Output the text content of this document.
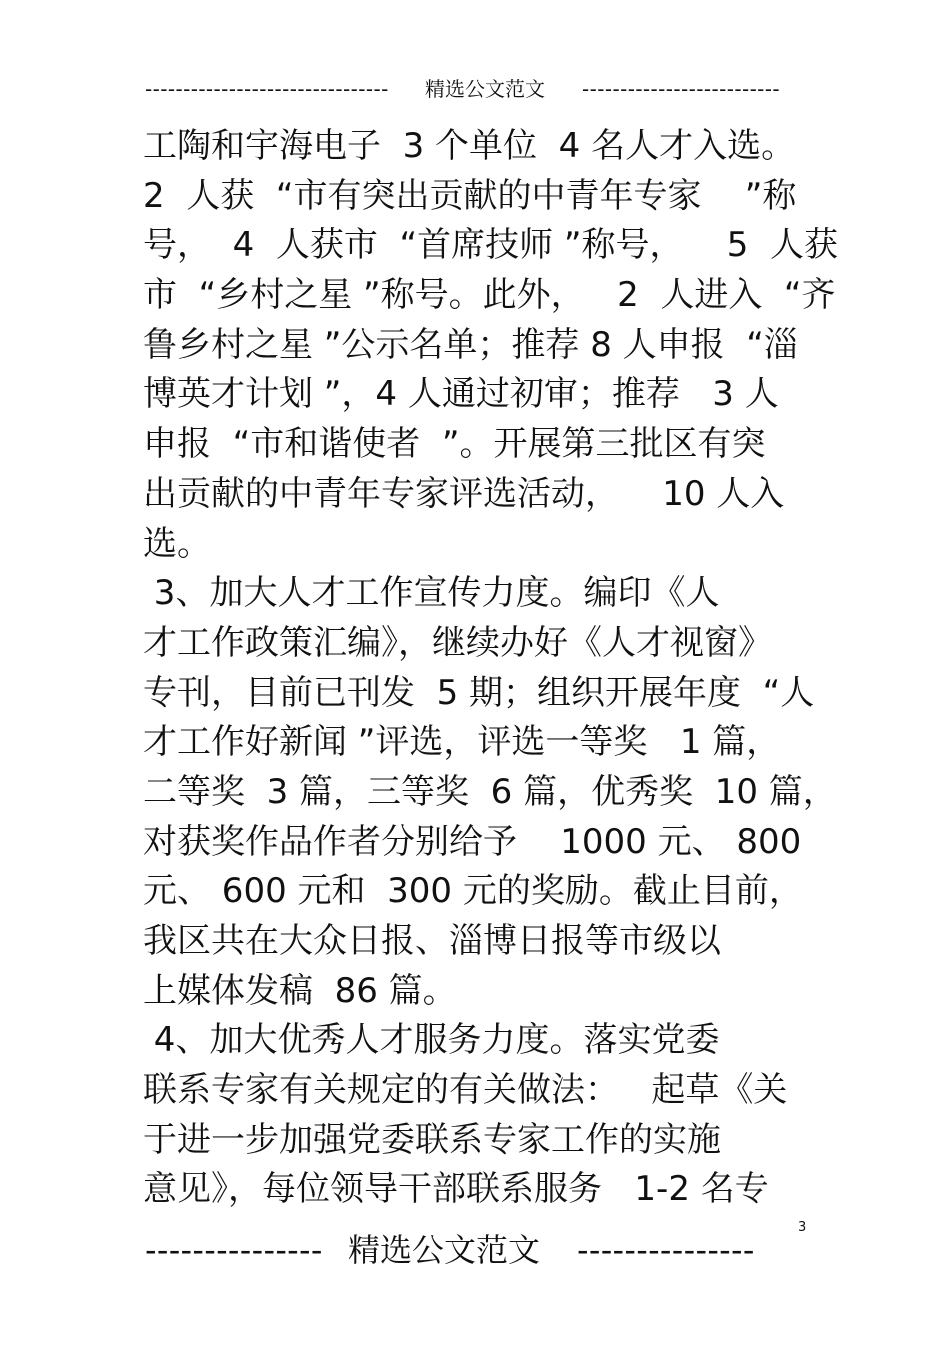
-------------------------------- 精选公文范文 --------------------------
工陶和宇海电子  3 个单位  4 名人才入选。
2  人获  “市有突出贡献的中青年专家    ”称
号，  4  人获市  “首席技师 ”称号，    5  人获
市  “乡村之星 ”称号。此外，   2  人进入  “齐
鲁乡村之星 ”公示名单；推荐 8 人申报  “淄
博英才计划 ”，4 人通过初审；推荐   3 人
申报  “市和谐使者  ”。开展第三批区有突
出贡献的中青年专家评选活动，    10 人入
选。
3、加大人才工作宣传力度。编印《人
才工作政策汇编》，继续办好《人才视窗》
专刊，目前已刊发  5 期；组织开展年度  “人
才工作好新闻 ”评选，评选一等奖   1 篇，
二等奖  3 篇，三等奖  6 篇，优秀奖  10 篇，
对获奖作品作者分别给予    1000 元、 800
元、 600 元和  300 元的奖励。截止目前，
我区共在大众日报、淄博日报等市级以
上媒体发稿  86 篇。
4、加大优秀人才服务力度。落实党委
联系专家有关规定的有关做法：   起草《关
于进一步加强党委联系专家工作的实施
意见》，每位领导干部联系服务   1-2 名专
3
--------------- 精选公文范文 ---------------
